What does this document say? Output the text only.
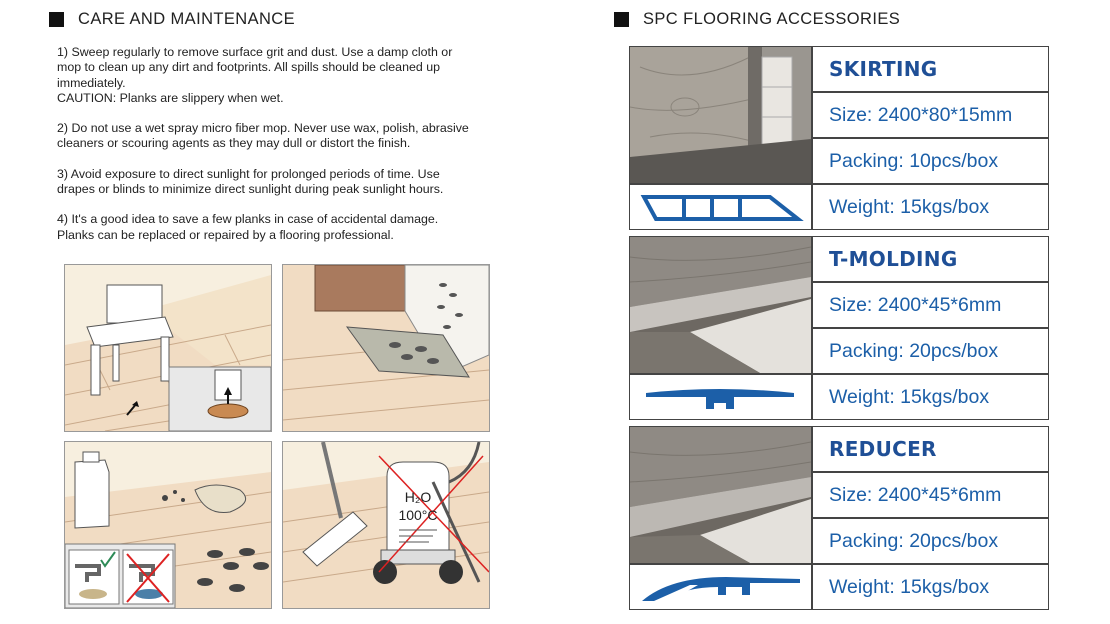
CARE AND MAINTENANCE

1) Sweep regularly to remove surface grit and dust. Use a damp cloth or
mop to clean up any dirt and footprints. All spills should be cleaned up
immediately.
CAUTION: Planks are slippery when wet.

2) Do not use a wet spray micro fiber mop. Never use wax, polish, abrasive
cleaners or scouring agents as they may dull or distort the finish.

3) Avoid exposure to direct sunlight for prolonged periods of time. Use
drapes or blinds to minimize direct sunlight during peak sunlight hours.

4) It's a good idea to save a few planks in case of accidental damage.
Planks can be replaced or repaired by a flooring professional.

H₂O
100°C
SPC FLOORING ACCESSORIES
SKIRTING
Size: 2400*80*15mm
Packing: 10pcs/box
Weight: 15kgs/box
T-MOLDING
Size: 2400*45*6mm
Packing: 20pcs/box
Weight: 15kgs/box
REDUCER
Size: 2400*45*6mm
Packing: 20pcs/box
Weight: 15kgs/box
